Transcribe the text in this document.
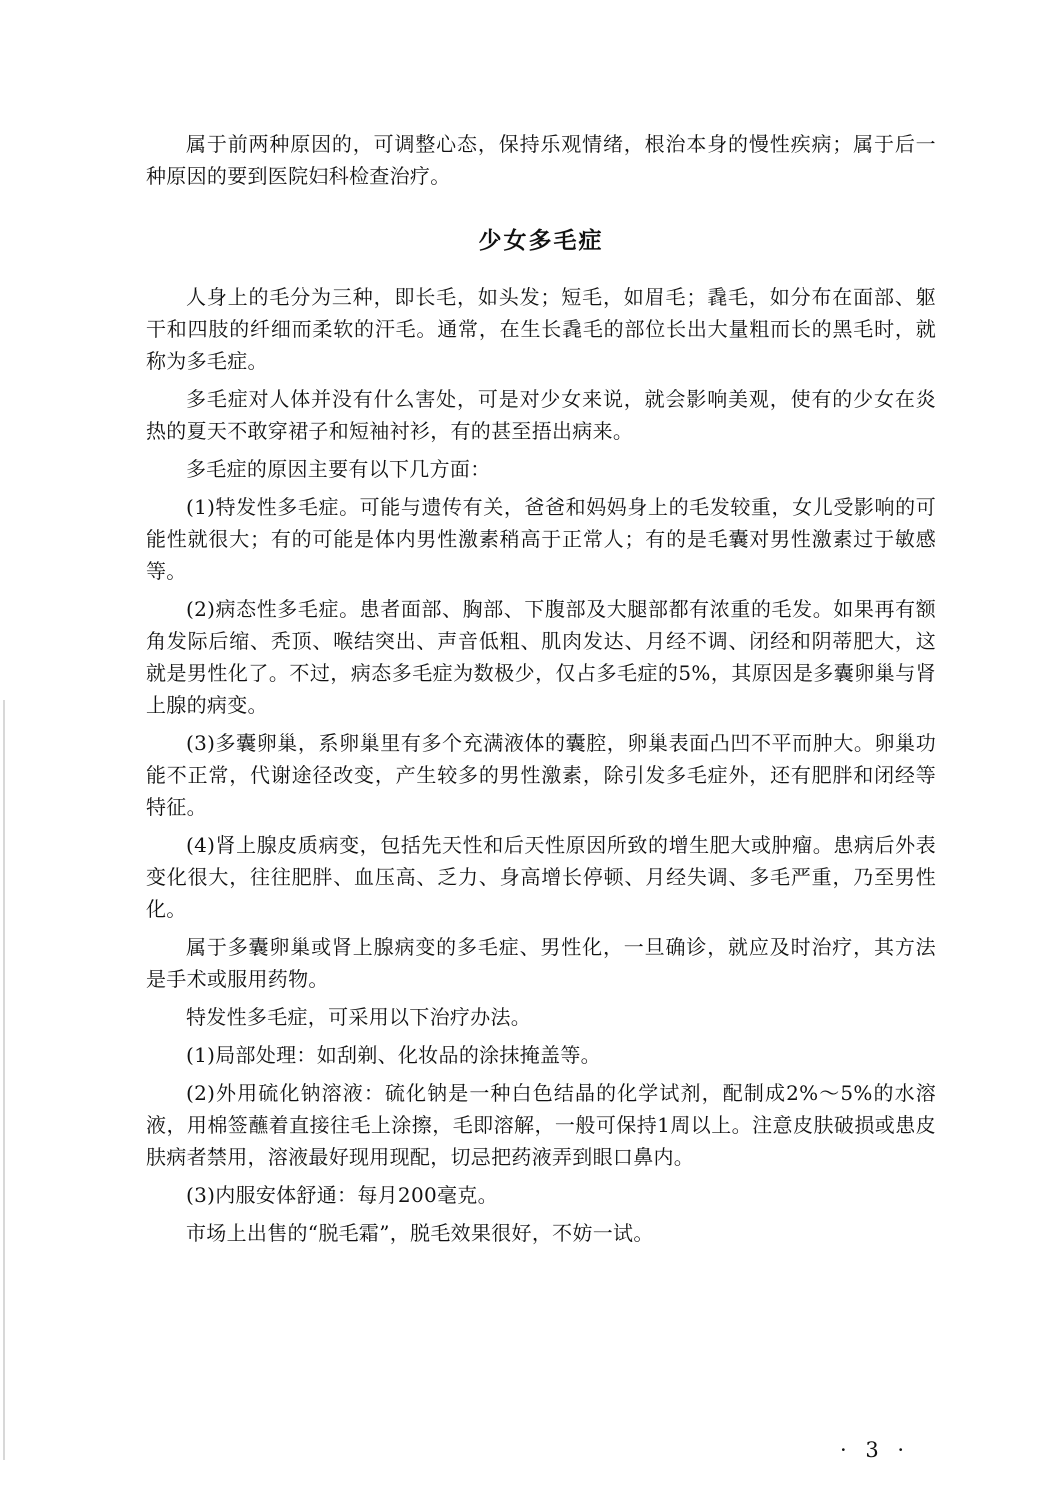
属于前两种原因的，可调整心态，保持乐观情绪，根治本身的慢性疾病；属于后一种原因的要到医院妇科检查治疗。

少女多毛症

人身上的毛分为三种，即长毛，如头发；短毛，如眉毛；毳毛，如分布在面部、躯干和四肢的纤细而柔软的汗毛。通常，在生长毳毛的部位长出大量粗而长的黑毛时，就称为多毛症。

多毛症对人体并没有什么害处，可是对少女来说，就会影响美观，使有的少女在炎热的夏天不敢穿裙子和短袖衬衫，有的甚至捂出病来。

多毛症的原因主要有以下几方面：

(1)特发性多毛症。可能与遗传有关，爸爸和妈妈身上的毛发较重，女儿受影响的可能性就很大；有的可能是体内男性激素稍高于正常人；有的是毛囊对男性激素过于敏感等。

(2)病态性多毛症。患者面部、胸部、下腹部及大腿部都有浓重的毛发。如果再有额角发际后缩、秃顶、喉结突出、声音低粗、肌肉发达、月经不调、闭经和阴蒂肥大，这就是男性化了。不过，病态多毛症为数极少，仅占多毛症的5%，其原因是多囊卵巢与肾上腺的病变。

(3)多囊卵巢，系卵巢里有多个充满液体的囊腔，卵巢表面凸凹不平而肿大。卵巢功能不正常，代谢途径改变，产生较多的男性激素，除引发多毛症外，还有肥胖和闭经等特征。

(4)肾上腺皮质病变，包括先天性和后天性原因所致的增生肥大或肿瘤。患病后外表变化很大，往往肥胖、血压高、乏力、身高增长停顿、月经失调、多毛严重，乃至男性化。

属于多囊卵巢或肾上腺病变的多毛症、男性化，一旦确诊，就应及时治疗，其方法是手术或服用药物。

特发性多毛症，可采用以下治疗办法。

(1)局部处理：如刮剃、化妆品的涂抹掩盖等。

(2)外用硫化钠溶液：硫化钠是一种白色结晶的化学试剂，配制成2%～5%的水溶液，用棉签蘸着直接往毛上涂擦，毛即溶解，一般可保持1周以上。注意皮肤破损或患皮肤病者禁用，溶液最好现用现配，切忌把药液弄到眼口鼻内。

(3)内服安体舒通：每月200毫克。

市场上出售的“脱毛霜”，脱毛效果很好，不妨一试。

· 3 ·
